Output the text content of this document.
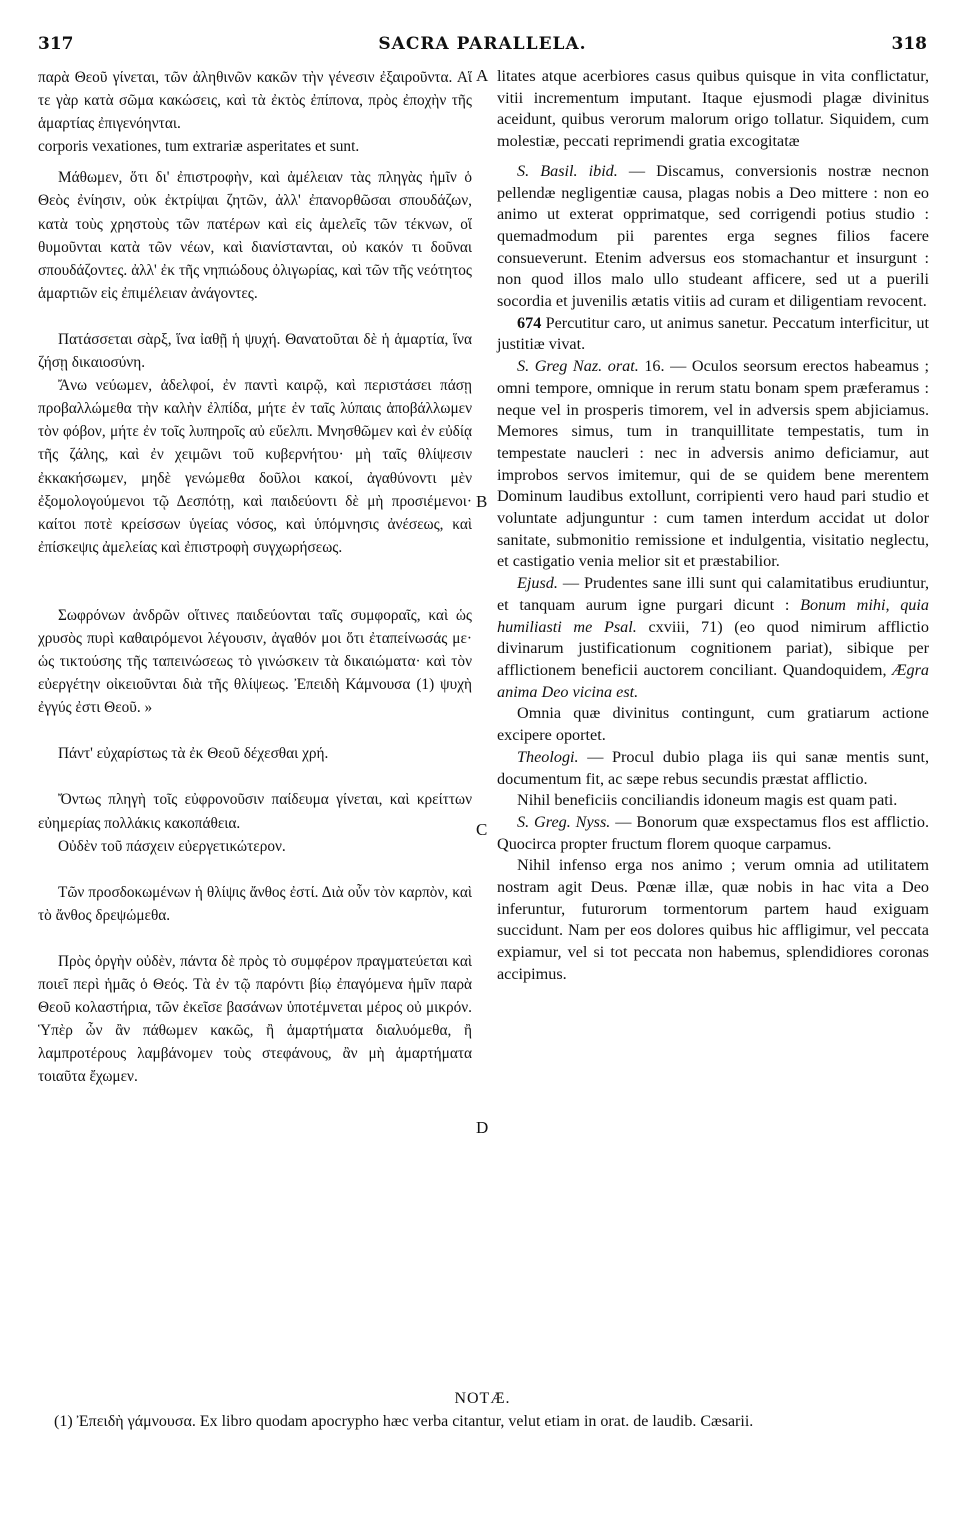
317	SACRA PARALLELA.	318
A
B
C
D

παρὰ Θεοῦ γίνεται, τῶν ἀληθινῶν κακῶν τὴν γένεσιν ἐξαιροῦντα. Αἵ τε γὰρ κατὰ σῶμα κακώσεις, καὶ τὰ ἐκτὸς ἐπίπονα, πρὸς ἐποχὴν τῆς ἁμαρτίας ἐπιγενόηνται.

corporis vexationes, tum extrariæ asperitates et sunt.

Μάθωμεν, ὅτι δι' ἐπιστροφὴν, καὶ ἀμέλειαν τὰς πληγὰς ἡμῖν ὁ Θεὸς ἐνίησιν, οὐκ ἐκτρίψαι ζητῶν, ἀλλ' ἐπανορθῶσαι σπουδάζων, κατὰ τοὺς χρηστοὺς τῶν πατέρων καὶ εἰς ἀμελεῖς τῶν τέκνων, οἵ θυμοῦνται κατὰ τῶν νέων, καὶ διανίστανται, οὐ κακόν τι δοῦναι σπουδάζοντες. ἀλλ' ἐκ τῆς νηπιώδους ὀλιγωρίας, καὶ τῶν τῆς νεότητος ἁμαρτιῶν εἰς ἐπιμέλειαν ἀνάγοντες.

Πατάσσεται σὰρξ, ἵνα ἰαθῇ ἡ ψυχή. Θανατοῦται δὲ ἡ ἁμαρτία, ἵνα ζήσῃ δικαιοσύνη.

Ἄνω νεύωμεν, ἀδελφοί, ἐν παντὶ καιρῷ, καὶ περιστάσει πάσῃ προβαλλώμεθα τὴν καλὴν ἐλπίδα, μήτε ἐν ταῖς λύπαις ἀποβάλλωμεν τὸν φόβον, μήτε ἐν τοῖς λυπηροῖς αὐ εὔελπι. Μνησθῶμεν καὶ ἐν εὐδίᾳ τῆς ζάλης, καὶ ἐν χειμῶνι τοῦ κυβερνήτου· μὴ ταῖς θλίψεσιν ἐκκακήσωμεν, μηδὲ γενώμεθα δοῦλοι κακοί, ἀγαθύνοντι μὲν ἐξομολογούμενοι τῷ Δεσπότῃ, καὶ παιδεύοντι δὲ μὴ προσιέμενοι· καίτοι ποτὲ κρείσσων ὑγείας νόσος, καὶ ὑπόμνησις ἀνέσεως, καὶ ἐπίσκεψις ἀμελείας καὶ ἐπιστροφὴ συγχωρήσεως.

Σωφρόνων ἀνδρῶν οἵτινες παιδεύονται ταῖς συμφοραῖς, καὶ ὡς χρυσὸς πυρὶ καθαιρόμενοι λέγουσιν, ἀγαθόν μοι ὅτι ἐταπείνωσάς με· ὡς τικτούσης τῆς ταπεινώσεως τὸ γινώσκειν τὰ δικαιώματα· καὶ τὸν εὐεργέτην οἰκειοῦνται διὰ τῆς θλίψεως. Ἐπειδὴ Κάμνουσα (1) ψυχὴ ἐγγύς ἐστι Θεοῦ. »

Πάντ' εὐχαρίστως τὰ ἐκ Θεοῦ δέχεσθαι χρή.

Ὄντως πληγὴ τοῖς εὐφρονοῦσιν παίδευμα γίνεται, καὶ κρείττων εὐημερίας πολλάκις κακοπάθεια.

Οὐδὲν τοῦ πάσχειν εὐεργετικώτερον.

Τῶν προσδοκωμένων ἡ θλίψις ἄνθος ἐστί. Διὰ οὖν τὸν καρπὸν, καὶ τὸ ἄνθος δρεψώμεθα.

Πρὸς ὀργὴν οὐδὲν, πάντα δὲ πρὸς τὸ συμφέρον πραγματεύεται καὶ ποιεῖ περὶ ἡμᾶς ὁ Θεός. Τὰ ἐν τῷ παρόντι βίῳ ἐπαγόμενα ἡμῖν παρὰ Θεοῦ κολαστήρια, τῶν ἐκεῖσε βασάνων ὑποτέμνεται μέρος οὐ μικρόν. Ὑπὲρ ὧν ἂν πάθωμεν κακῶς, ἢ ἁμαρτήματα διαλυόμεθα, ἢ λαμπροτέρους λαμβάνομεν τοὺς στεφάνους, ἂν μὴ ἁμαρτήματα τοιαῦτα ἔχωμεν.

litates atque acerbiores casus quibus quisque in vita conflictatur, vitii incrementum imputant. Itaque ejusmodi plagæ divinitus aceidunt, quibus verorum malorum origo tollatur. Siquidem, cum molestiæ, peccati reprimendi gratia excogitatæ

S. Basil. ibid. — Discamus, conversionis nostræ necnon pellendæ negligentiæ causa, plagas nobis a Deo mittere : non eo animo ut exterat opprimatque, sed corrigendi potius studio : quemadmodum pii parentes erga segnes filios facere consueverunt. Etenim adversus eos stomachantur et insurgunt : non quod illos malo ullo studeant afficere, sed ut a puerili socordia et juvenilis ætatis vitiis ad curam et diligentiam revocent.

674 Percutitur caro, ut animus sanetur. Peccatum interficitur, ut justitiæ vivat.

S. Greg Naz. orat. 16. — Oculos seorsum erectos habeamus ; omni tempore, omnique in rerum statu bonam spem præferamus : neque vel in prosperis timorem, vel in adversis spem abjiciamus. Memores simus, tum in tranquillitate tempestatis, tum in tempestate naucleri : nec in adversis animo deficiamur, aut improbos servos imitemur, qui de se quidem bene merentem Dominum laudibus extollunt, corripienti vero haud pari studio et voluntate adjunguntur : cum tamen interdum accidat ut dolor sanitate, submonitio remissione et indulgentia, visitatio neglectu, et castigatio venia melior sit et præstabilior.

Ejusd. — Prudentes sane illi sunt qui calamitatibus erudiuntur, et tanquam aurum igne purgari dicunt : Bonum mihi, quia humiliasti me Psal. cxviii, 71) (eo quod nimirum afflictio divinarum justificationum cognitionem pariat), sibique per afflictionem beneficii auctorem conciliant. Quandoquidem, Ægra anima Deo vicina est.

Omnia quæ divinitus contingunt, cum gratiarum actione excipere oportet.

Theologi. — Procul dubio plaga iis qui sanæ mentis sunt, documentum fit, ac sæpe rebus secundis præstat afflictio.

Nihil beneficiis conciliandis idoneum magis est quam pati.

S. Greg. Nyss. — Bonorum quæ exspectamus flos est afflictio. Quocirca propter fructum florem quoque carpamus.

Nihil infenso erga nos animo ; verum omnia ad utilitatem nostram agit Deus. Pœnæ illæ, quæ nobis in hac vita a Deo inferuntur, futurorum tormentorum partem haud exiguam succidunt. Nam per eos dolores quibus hic affligimur, vel peccata expiamur, vel si tot peccata non habemus, splendidiores coronas accipimus.

NOTÆ.
(1) Ἐπειδὴ γάμνουσα. Ex libro quodam apocrypho hæc verba citantur, velut etiam in orat. de laudib. Cæsarii.
